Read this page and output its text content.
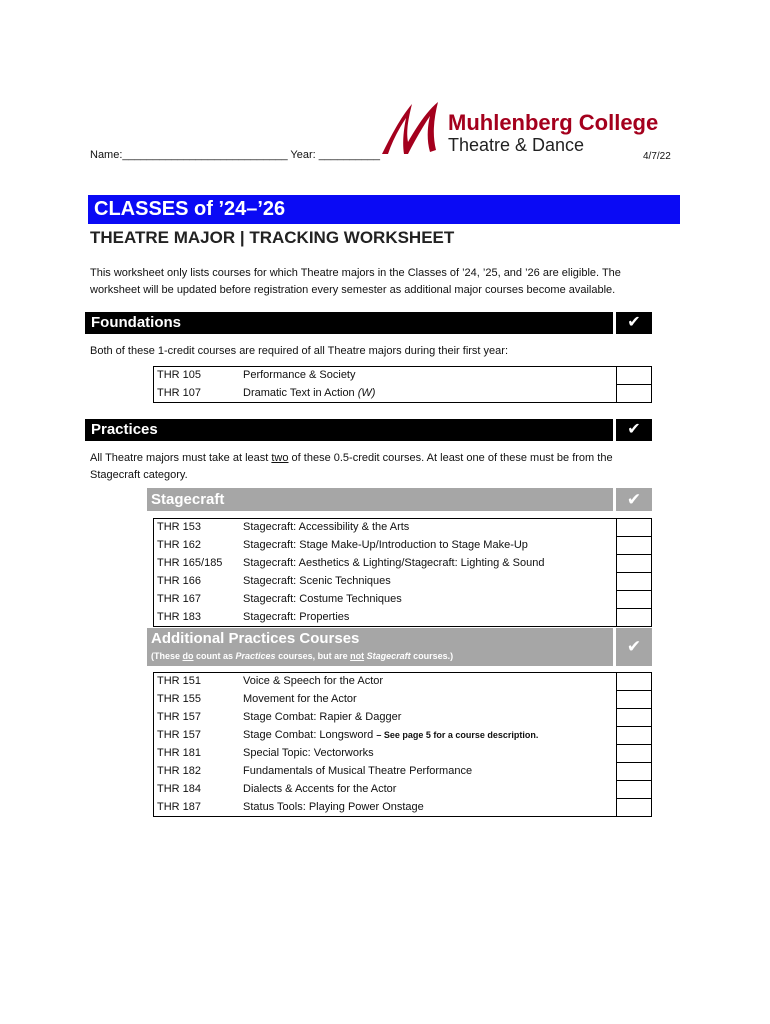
Name:___________________________ Year: __________
Muhlenberg College
Theatre & Dance
4/7/22
CLASSES of ’24–’26
THEATRE MAJOR | TRACKING WORKSHEET
This worksheet only lists courses for which Theatre majors in the Classes of ’24, ’25, and ’26 are eligible. The worksheet will be updated before registration every semester as additional major courses become available.
Foundations	✔
Both of these 1-credit courses are required of all Theatre majors during their first year:
THR 105	Performance & Society	
THR 107	Dramatic Text in Action (W)	
Practices	✔
All Theatre majors must take at least two of these 0.5-credit courses. At least one of these must be from the Stagecraft category.
Stagecraft	✔
THR 153	Stagecraft: Accessibility & the Arts	
THR 162	Stagecraft: Stage Make-Up/Introduction to Stage Make-Up	
THR 165/185	Stagecraft: Aesthetics & Lighting/Stagecraft: Lighting & Sound	
THR 166	Stagecraft: Scenic Techniques	
THR 167	Stagecraft: Costume Techniques	
THR 183	Stagecraft: Properties	
Additional Practices Courses
(These do count as Practices courses, but are not Stagecraft courses.)	✔
THR 151	Voice & Speech for the Actor	
THR 155	Movement for the Actor	
THR 157	Stage Combat: Rapier & Dagger	
THR 157	Stage Combat: Longsword – See page 5 for a course description.	
THR 181	Special Topic: Vectorworks	
THR 182	Fundamentals of Musical Theatre Performance	
THR 184	Dialects & Accents for the Actor	
THR 187	Status Tools: Playing Power Onstage	
